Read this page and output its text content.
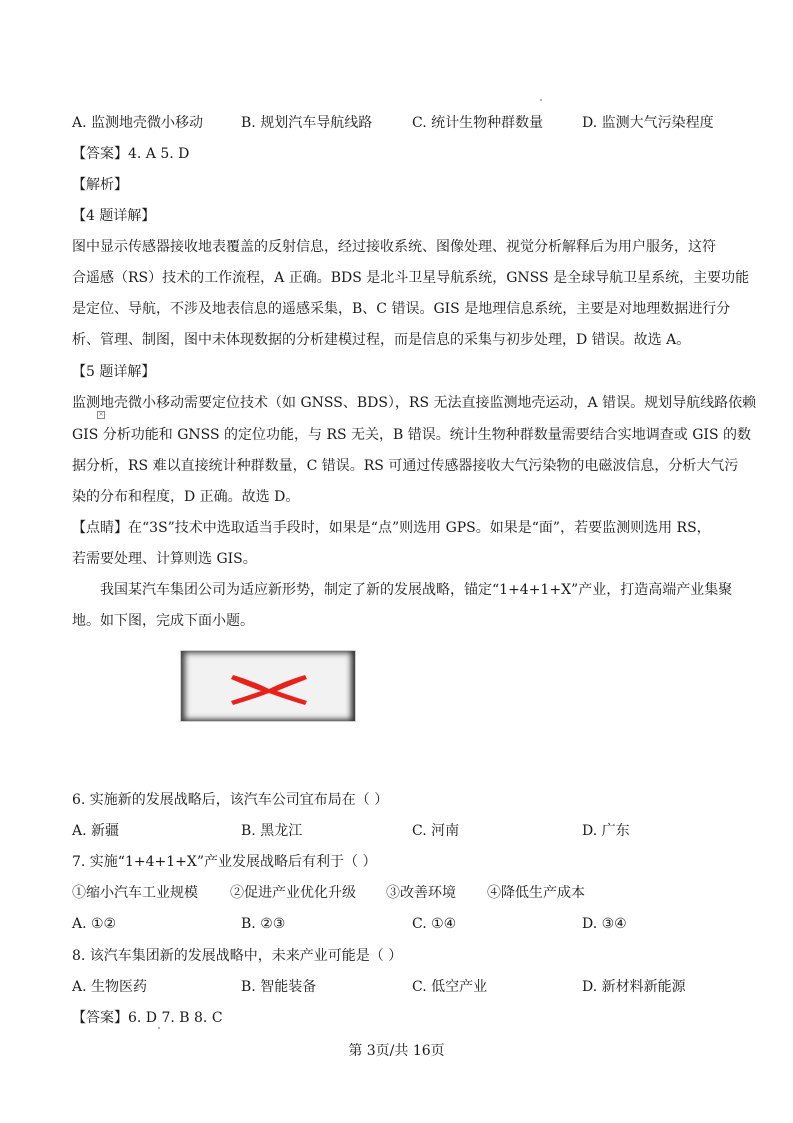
A. 监测地壳微小移动	B. 规划汽车导航线路	C. 统计生物种群数量	D. 监测大气污染程度
【答案】4. A 5. D
【解析】
【4 题详解】
图中显示传感器接收地表覆盖的反射信息，经过接收系统、图像处理、视觉分析解释后为用户服务，这符
合遥感（RS）技术的工作流程，A 正确。BDS 是北斗卫星导航系统，GNSS 是全球导航卫星系统，主要功能
是定位、导航，不涉及地表信息的遥感采集，B、C 错误。GIS 是地理信息系统，主要是对地理数据进行分
析、管理、制图，图中未体现数据的分析建模过程，而是信息的采集与初步处理，D 错误。故选 A。
【5 题详解】
监测地壳微小移动需要定位技术（如 GNSS、BDS），RS 无法直接监测地壳运动，A 错误。规划导航线路依赖
×
GIS 分析功能和 GNSS 的定位功能，与 RS 无关，B 错误。统计生物种群数量需要结合实地调查或 GIS 的数
据分析，RS 难以直接统计种群数量，C 错误。RS 可通过传感器接收大气污染物的电磁波信息，分析大气污
染的分布和程度，D 正确。故选 D。
【点睛】在“3S”技术中选取适当手段时，如果是“点”则选用 GPS。如果是“面”，若要监测则选用 RS，
若需要处理、计算则选 GIS。
我国某汽车集团公司为适应新形势，制定了新的发展战略，锚定“1+4+1+X”产业，打造高端产业集聚
地。如下图，完成下面小题。
6. 实施新的发展战略后，该汽车公司宜布局在（ ）
A. 新疆	B. 黑龙江	C. 河南	D. 广东
7. 实施“1+4+1+X”产业发展战略后有利于（ ）
①缩小汽车工业规模 ②促进产业优化升级 ③改善环境 ④降低生产成本
A. ①②	B. ②③	C. ①④	D. ③④
8. 该汽车集团新的发展战略中，未来产业可能是（ ）
A. 生物医药	B. 智能装备	C. 低空产业	D. 新材料新能源
【答案】6. D 7. B 8. C
第 3页/共 16页
